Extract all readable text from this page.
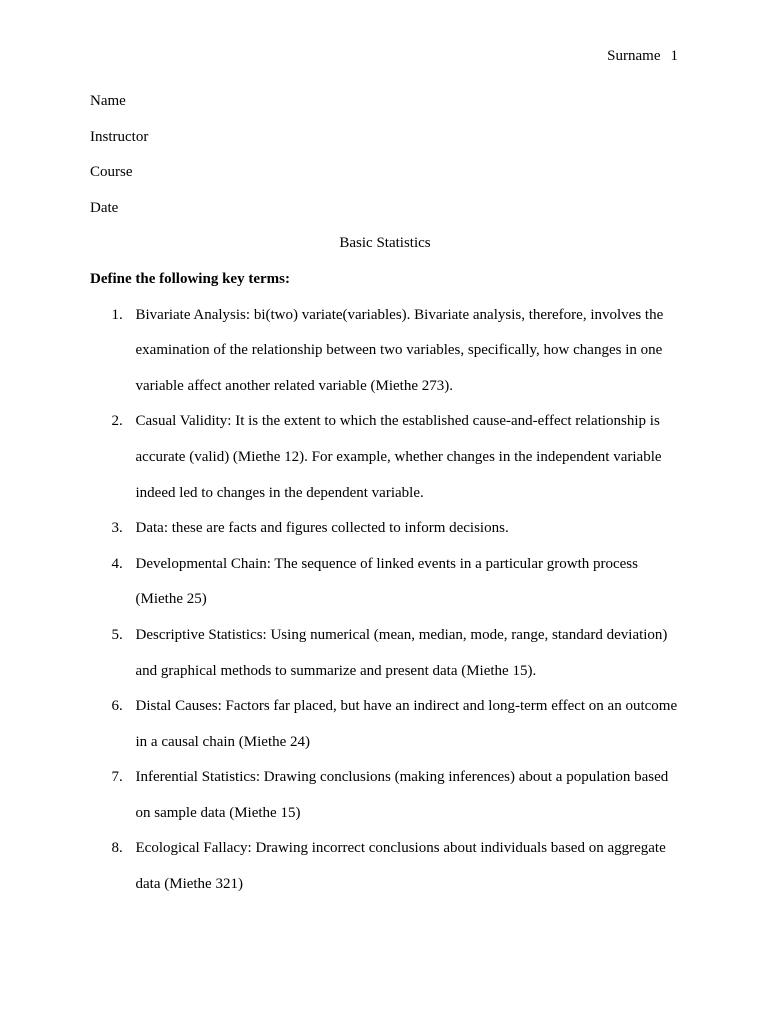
Surname 1

Name

Instructor

Course

Date

Basic Statistics

Define the following key terms:

1. Bivariate Analysis: bi(two) variate(variables). Bivariate analysis, therefore, involves the examination of the relationship between two variables, specifically, how changes in one variable affect another related variable (Miethe 273).
2. Casual Validity: It is the extent to which the established cause-and-effect relationship is accurate (valid) (Miethe 12). For example, whether changes in the independent variable indeed led to changes in the dependent variable.
3. Data: these are facts and figures collected to inform decisions.
4. Developmental Chain: The sequence of linked events in a particular growth process (Miethe 25)
5. Descriptive Statistics: Using numerical (mean, median, mode, range, standard deviation) and graphical methods to summarize and present data (Miethe 15).
6. Distal Causes: Factors far placed, but have an indirect and long-term effect on an outcome in a causal chain (Miethe 24)
7. Inferential Statistics: Drawing conclusions (making inferences) about a population based on sample data (Miethe 15)
8. Ecological Fallacy: Drawing incorrect conclusions about individuals based on aggregate data (Miethe 321)
